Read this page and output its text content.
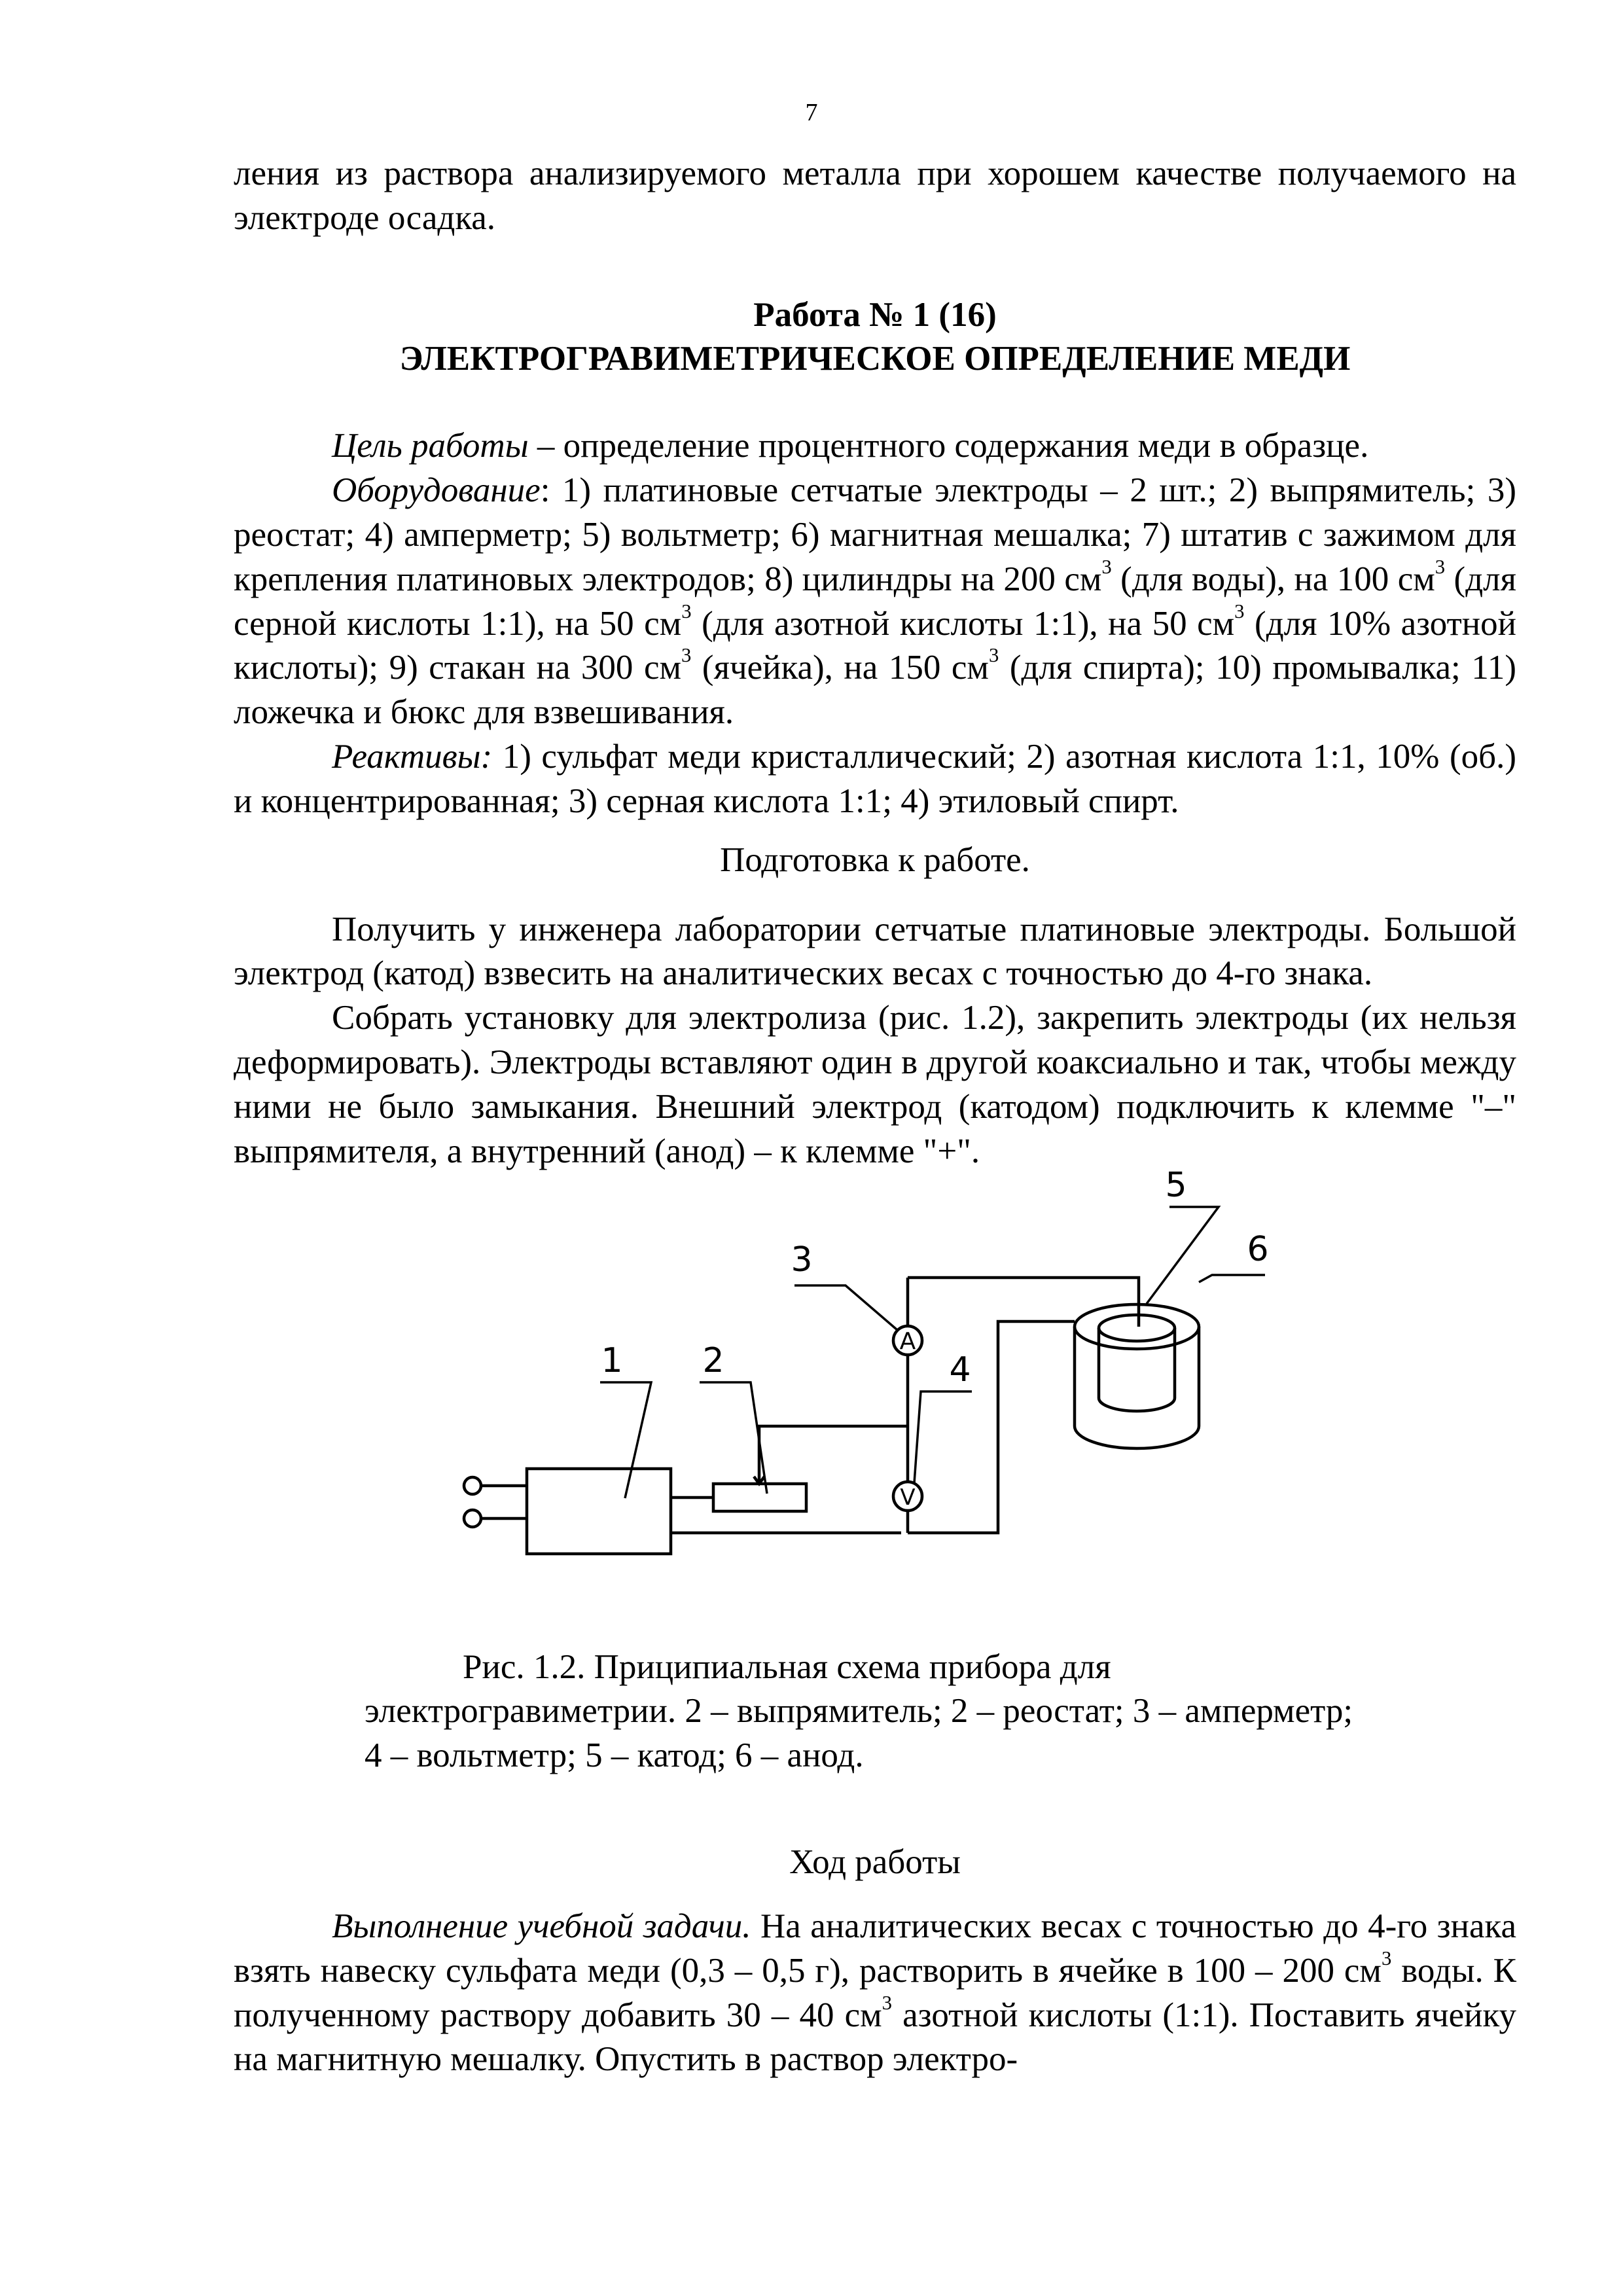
7

ления из раствора анализируемого металла при хорошем качестве получаемого на электроде осадка.

Работа № 1 (16)
ЭЛЕКТРОГРАВИМЕТРИЧЕСКОЕ ОПРЕДЕЛЕНИЕ МЕДИ

Цель работы – определение процентного содержания меди в образце.

Оборудование: 1) платиновые сетчатые электроды – 2 шт.; 2) выпрямитель; 3) реостат; 4) амперметр; 5) вольтметр; 6) магнитная мешалка; 7) штатив с зажимом для крепления платиновых электродов; 8) цилиндры на 200 $см^3$ (для воды), на 100 $см^3$ (для серной кислоты 1:1), на 50 $см^3$ (для азотной кислоты 1:1), на 50 $см^3$ (для 10% азотной кислоты); 9) стакан на 300 $см^3$ (ячейка), на 150 $см^3$ (для спирта); 10) промывалка; 11) ложечка и бюкс для взвешивания.

Реактивы: 1) сульфат меди кристаллический; 2) азотная кислота 1:1, 10% (об.) и концентрированная; 3) серная кислота 1:1; 4) этиловый спирт.

Подготовка к работе.

Получить у инженера лаборатории сетчатые платиновые электроды. Большой электрод (катод) взвесить на аналитических весах с точностью до 4-го знака.

Собрать установку для электролиза (рис. 1.2), закрепить электроды (их нельзя деформировать). Электроды вставляют один в другой коаксиально и так, чтобы между ними не было замыкания. Внешний электрод (катодом) подключить к клемме "–" выпрямителя, а внутренний (анод) – к клемме "+".

A
V
1 2
3
4
5
6

Рис. 1.2. Приципиальная схема прибора для электрогравиметрии. 2 – выпрямитель; 2 – реостат; 3 – амперметр; 4 – вольтметр; 5 – катод; 6 – анод.

Ход работы

Выполнение учебной задачи. На аналитических весах с точностью до 4-го знака взять навеску сульфата меди (0,3 – 0,5 г), растворить в ячейке в 100 – 200 $см^3$ воды. К полученному раствору добавить 30 – 40 $см^3$ азотной кислоты (1:1). Поставить ячейку на магнитную мешалку. Опустить в раствор электро-
